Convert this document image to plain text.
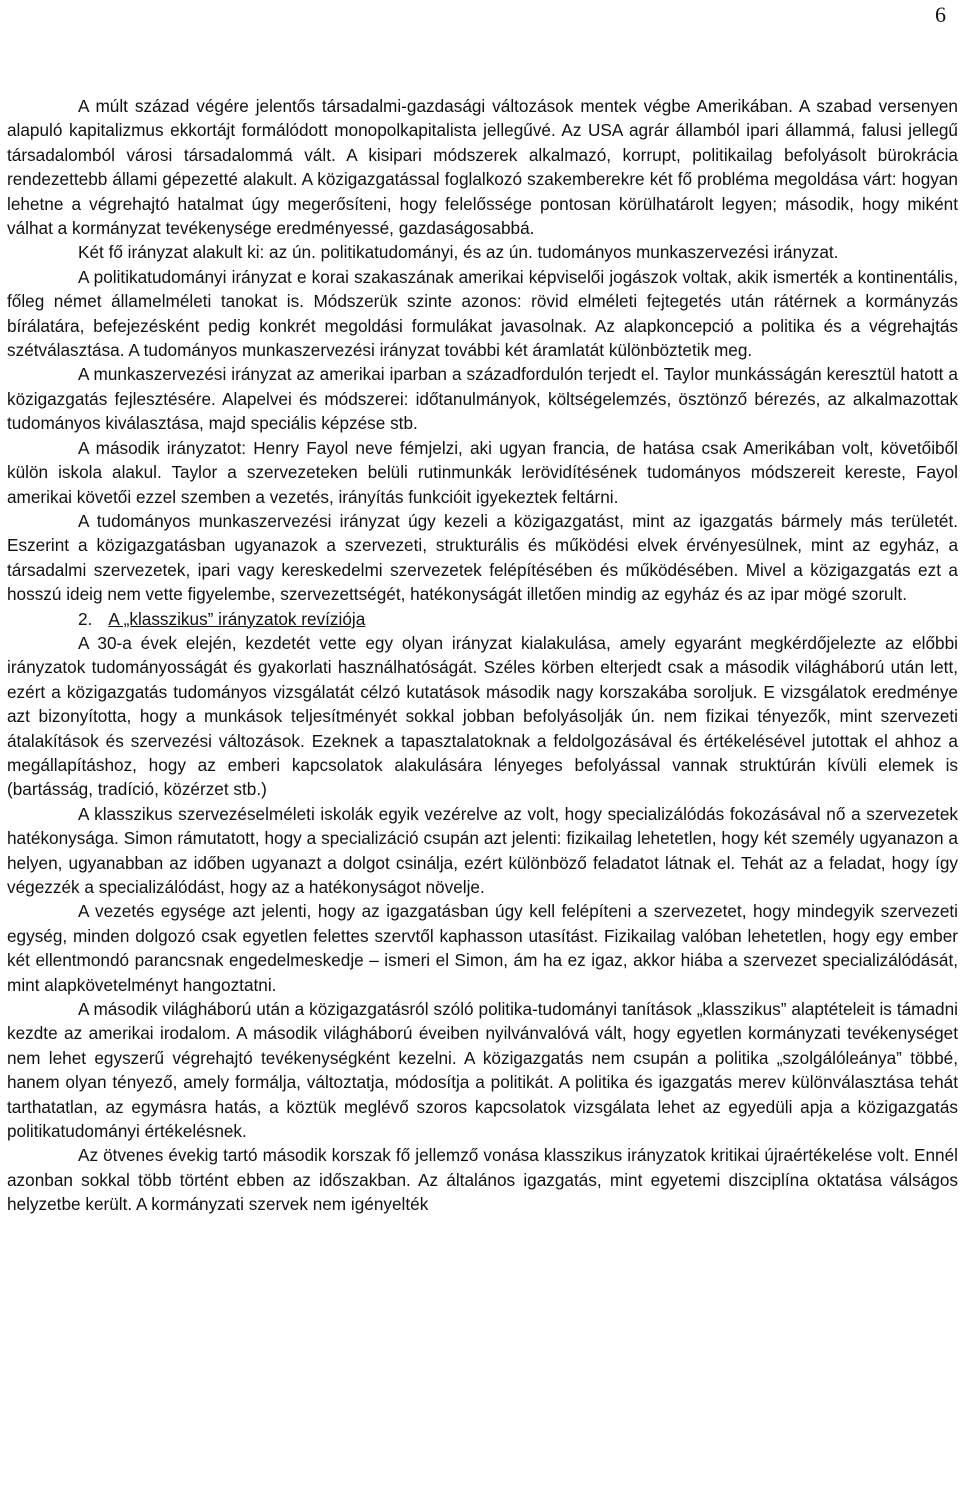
6

A múlt század végére jelentős társadalmi-gazdasági változások mentek végbe Amerikában. A szabad versenyen alapuló kapitalizmus ekkortájt formálódott monopolkapitalista jellegűvé. Az USA agrár államból ipari állammá, falusi jellegű társadalomból városi társadalommá vált. A kisipari módszerek alkalmazó, korrupt, politikailag befolyásolt bürokrácia rendezettebb állami gépezetté alakult. A közigazgatással foglalkozó szakemberekre két fő probléma megoldása várt: hogyan lehetne a végrehajtó hatalmat úgy megerősíteni, hogy felelőssége pontosan körülhatárolt legyen; második, hogy miként válhat a kormányzat tevékenysége eredményessé, gazdaságosabbá.

Két fő irányzat alakult ki: az ún. politikatudományi, és az ún. tudományos munkaszervezési irányzat.

A politikatudományi irányzat e korai szakaszának amerikai képviselői jogászok voltak, akik ismerték a kontinentális, főleg német államelméleti tanokat is. Módszerük szinte azonos: rövid elméleti fejtegetés után rátérnek a kormányzás bírálatára, befejezésként pedig konkrét megoldási formulákat javasolnak. Az alapkoncepció a politika és a végrehajtás szétválasztása. A tudományos munkaszervezési irányzat további két áramlatát különböztetik meg.

A munkaszervezési irányzat az amerikai iparban a századfordulón terjedt el. Taylor munkásságán keresztül hatott a közigazgatás fejlesztésére. Alapelvei és módszerei: időtanulmányok, költségelemzés, ösztönző bérezés, az alkalmazottak tudományos kiválasztása, majd speciális képzése stb.

A második irányzatot: Henry Fayol neve fémjelzi, aki ugyan francia, de hatása csak Amerikában volt, követőiből külön iskola alakul. Taylor a szervezeteken belüli rutinmunkák lerövidítésének tudományos módszereit kereste, Fayol amerikai követői ezzel szemben a vezetés, irányítás funkcióit igyekeztek feltárni.

A tudományos munkaszervezési irányzat úgy kezeli a közigazgatást, mint az igazgatás bármely más területét. Eszerint a közigazgatásban ugyanazok a szervezeti, strukturális és működési elvek érvényesülnek, mint az egyház, a társadalmi szervezetek, ipari vagy kereskedelmi szervezetek felépítésében és működésében. Mivel a közigazgatás ezt a hosszú ideig nem vette figyelembe, szervezettségét, hatékonyságát illetően mindig az egyház és az ipar mögé szorult.

2. A „klasszikus” irányzatok revíziója

A 30-a évek elején, kezdetét vette egy olyan irányzat kialakulása, amely egyaránt megkérdőjelezte az előbbi irányzatok tudományosságát és gyakorlati használhatóságát. Széles körben elterjedt csak a második világháború után lett, ezért a közigazgatás tudományos vizsgálatát célzó kutatások második nagy korszakába soroljuk. E vizsgálatok eredménye azt bizonyította, hogy a munkások teljesítményét sokkal jobban befolyásolják ún. nem fizikai tényezők, mint szervezeti átalakítások és szervezési változások. Ezeknek a tapasztalatoknak a feldolgozásával és értékelésével jutottak el ahhoz a megállapításhoz, hogy az emberi kapcsolatok alakulására lényeges befolyással vannak struktúrán kívüli elemek is (bartásság, tradíció, közérzet stb.)

A klasszikus szervezéselméleti iskolák egyik vezérelve az volt, hogy specializálódás fokozásával nő a szervezetek hatékonysága. Simon rámutatott, hogy a specializáció csupán azt jelenti: fizikailag lehetetlen, hogy két személy ugyanazon a helyen, ugyanabban az időben ugyanazt a dolgot csinálja, ezért különböző feladatot látnak el. Tehát az a feladat, hogy így végezzék a specializálódást, hogy az a hatékonyságot növelje.

A vezetés egysége azt jelenti, hogy az igazgatásban úgy kell felépíteni a szervezetet, hogy mindegyik szervezeti egység, minden dolgozó csak egyetlen felettes szervtől kaphasson utasítást. Fizikailag valóban lehetetlen, hogy egy ember két ellentmondó parancsnak engedelmeskedje – ismeri el Simon, ám ha ez igaz, akkor hiába a szervezet specializálódását, mint alapkövetelményt hangoztatni.

A második világháború után a közigazgatásról szóló politika-tudományi tanítások „klasszikus” alaptételeit is támadni kezdte az amerikai irodalom. A második világháború éveiben nyilvánvalóvá vált, hogy egyetlen kormányzati tevékenységet nem lehet egyszerű végrehajtó tevékenységként kezelni. A közigazgatás nem csupán a politika „szolgálóleánya” többé, hanem olyan tényező, amely formálja, változtatja, módosítja a politikát. A politika és igazgatás merev különválasztása tehát tarthatatlan, az egymásra hatás, a köztük meglévő szoros kapcsolatok vizsgálata lehet az egyedüli apja a közigazgatás politikatudományi értékelésnek.

Az ötvenes évekig tartó második korszak fő jellemző vonása klasszikus irányzatok kritikai újraértékelése volt. Ennél azonban sokkal több történt ebben az időszakban. Az általános igazgatás, mint egyetemi diszciplína oktatása válságos helyzetbe került. A kormányzati szervek nem igényelték
